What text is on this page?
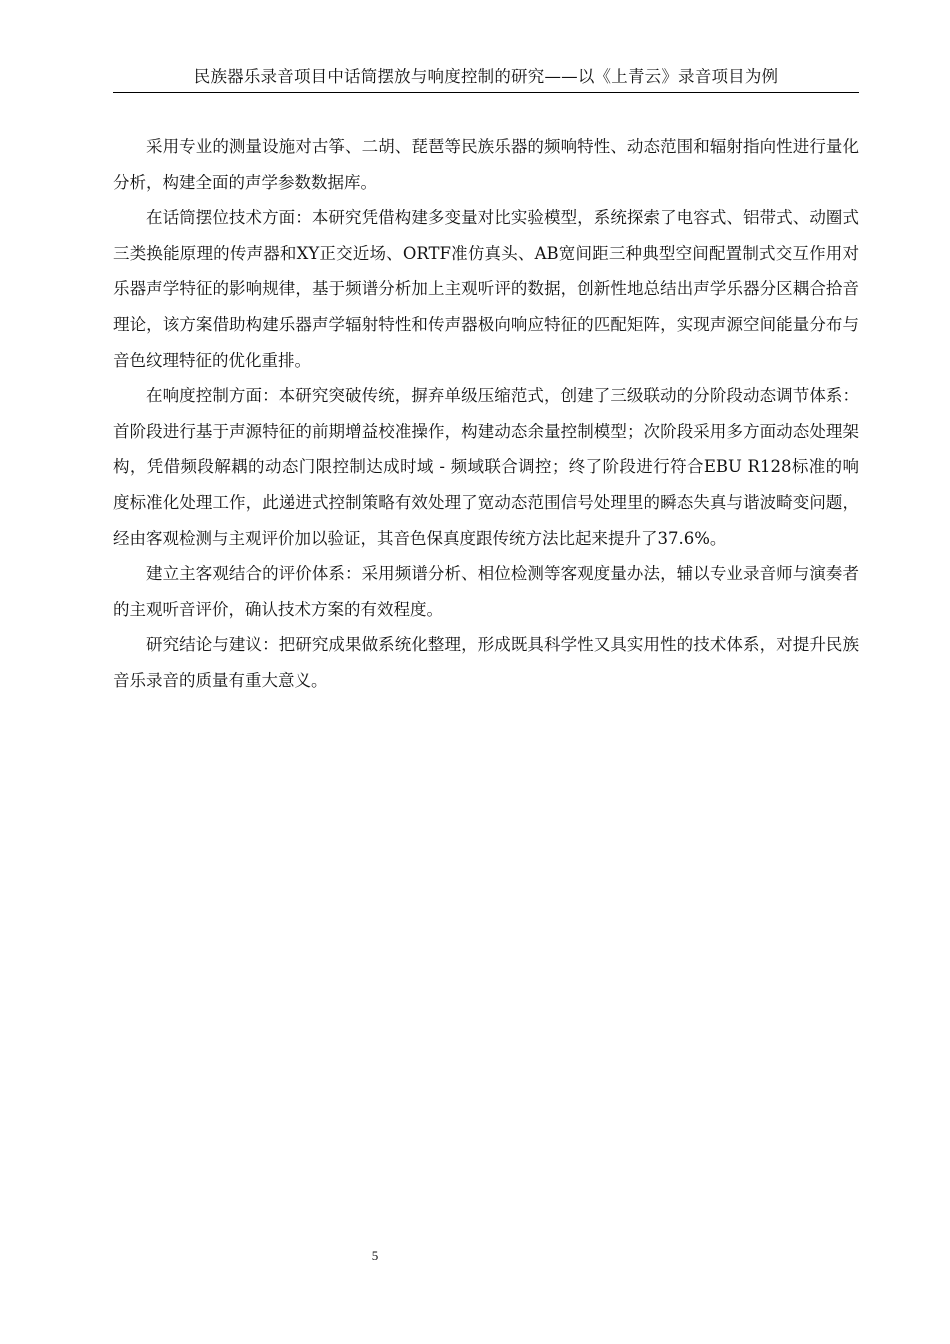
民族器乐录音项目中话筒摆放与响度控制的研究——以《上青云》录音项目为例

采用专业的测量设施对古筝、二胡、琵琶等民族乐器的频响特性、动态范围和辐射指向性进行量化分析，构建全面的声学参数数据库。

在话筒摆位技术方面：本研究凭借构建多变量对比实验模型，系统探索了电容式、铝带式、动圈式三类换能原理的传声器和XY正交近场、ORTF准仿真头、AB宽间距三种典型空间配置制式交互作用对乐器声学特征的影响规律，基于频谱分析加上主观听评的数据，创新性地总结出声学乐器分区耦合拾音理论，该方案借助构建乐器声学辐射特性和传声器极向响应特征的匹配矩阵，实现声源空间能量分布与音色纹理特征的优化重排。

在响度控制方面：本研究突破传统，摒弃单级压缩范式，创建了三级联动的分阶段动态调节体系：首阶段进行基于声源特征的前期增益校准操作，构建动态余量控制模型；次阶段采用多方面动态处理架构，凭借频段解耦的动态门限控制达成时域 - 频域联合调控；终了阶段进行符合EBU R128标准的响度标准化处理工作，此递进式控制策略有效处理了宽动态范围信号处理里的瞬态失真与谐波畸变问题，经由客观检测与主观评价加以验证，其音色保真度跟传统方法比起来提升了37.6%。

建立主客观结合的评价体系：采用频谱分析、相位检测等客观度量办法，辅以专业录音师与演奏者的主观听音评价，确认技术方案的有效程度。

研究结论与建议：把研究成果做系统化整理，形成既具科学性又具实用性的技术体系，对提升民族音乐录音的质量有重大意义。

5
